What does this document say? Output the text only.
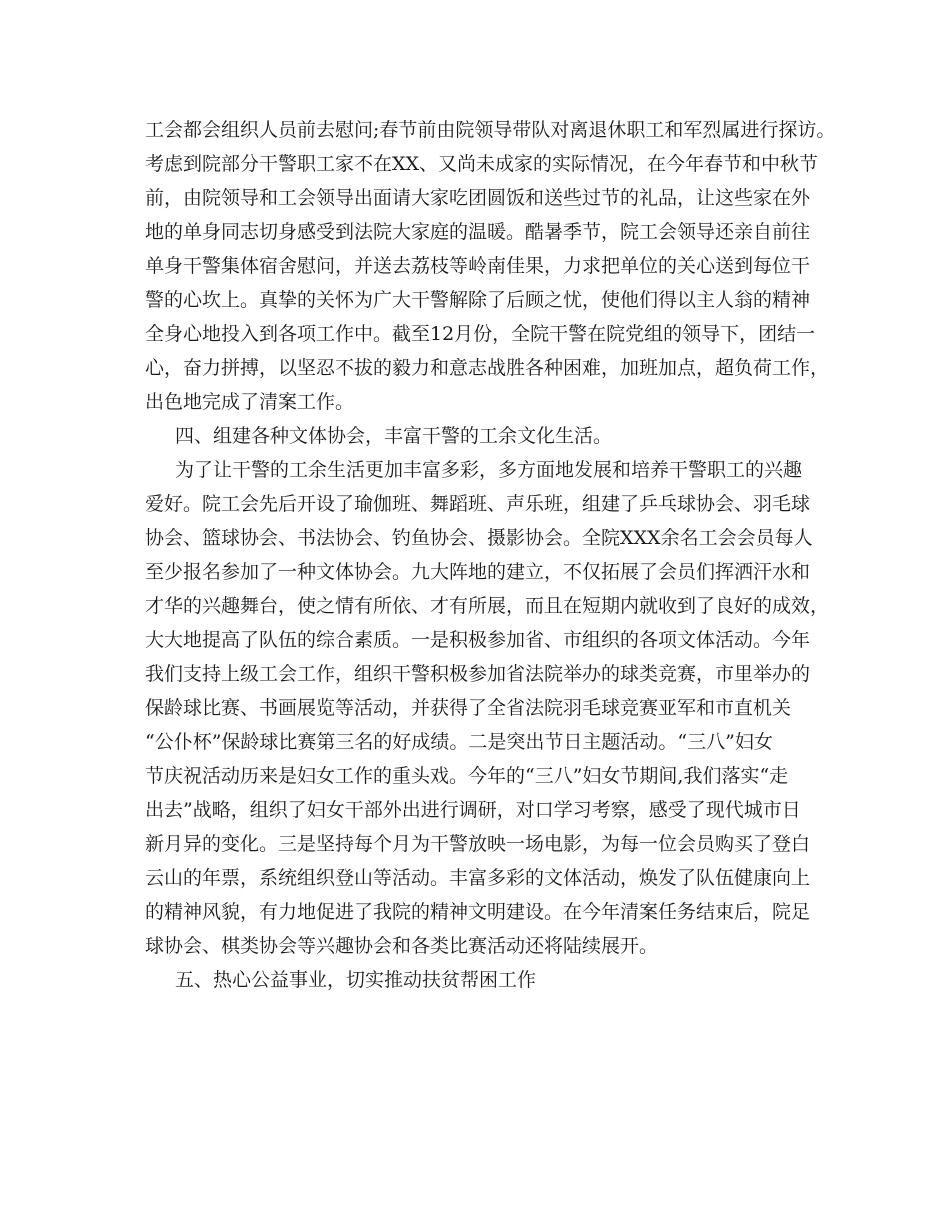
工会都会组织人员前去慰问;春节前由院领导带队对离退休职工和军烈属进行探访。

考虑到院部分干警职工家不在XX、又尚未成家的实际情况，在今年春节和中秋节

前，由院领导和工会领导出面请大家吃团圆饭和送些过节的礼品，让这些家在外

地的单身同志切身感受到法院大家庭的温暖。酷暑季节，院工会领导还亲自前往

单身干警集体宿舍慰问，并送去荔枝等岭南佳果，力求把单位的关心送到每位干

警的心坎上。真挚的关怀为广大干警解除了后顾之忧，使他们得以主人翁的精神

全身心地投入到各项工作中。截至12月份，全院干警在院党组的领导下，团结一

心，奋力拼搏，以坚忍不拔的毅力和意志战胜各种困难，加班加点，超负荷工作，

出色地完成了清案工作。

四、组建各种文体协会，丰富干警的工余文化生活。

为了让干警的工余生活更加丰富多彩，多方面地发展和培养干警职工的兴趣

爱好。院工会先后开设了瑜伽班、舞蹈班、声乐班，组建了乒乓球协会、羽毛球

协会、篮球协会、书法协会、钓鱼协会、摄影协会。全院XXX余名工会会员每人

至少报名参加了一种文体协会。九大阵地的建立，不仅拓展了会员们挥洒汗水和

才华的兴趣舞台，使之情有所依、才有所展，而且在短期内就收到了良好的成效，

大大地提高了队伍的综合素质。一是积极参加省、市组织的各项文体活动。今年

我们支持上级工会工作，组织干警积极参加省法院举办的球类竞赛，市里举办的

保龄球比赛、书画展览等活动，并获得了全省法院羽毛球竞赛亚军和市直机关

“公仆杯”保龄球比赛第三名的好成绩。二是突出节日主题活动。“三八”妇女

节庆祝活动历来是妇女工作的重头戏。今年的“三八”妇女节期间,我们落实“走

出去”战略，组织了妇女干部外出进行调研，对口学习考察，感受了现代城市日

新月异的变化。三是坚持每个月为干警放映一场电影，为每一位会员购买了登白

云山的年票，系统组织登山等活动。丰富多彩的文体活动，焕发了队伍健康向上

的精神风貌，有力地促进了我院的精神文明建设。在今年清案任务结束后，院足

球协会、棋类协会等兴趣协会和各类比赛活动还将陆续展开。

五、热心公益事业，切实推动扶贫帮困工作
